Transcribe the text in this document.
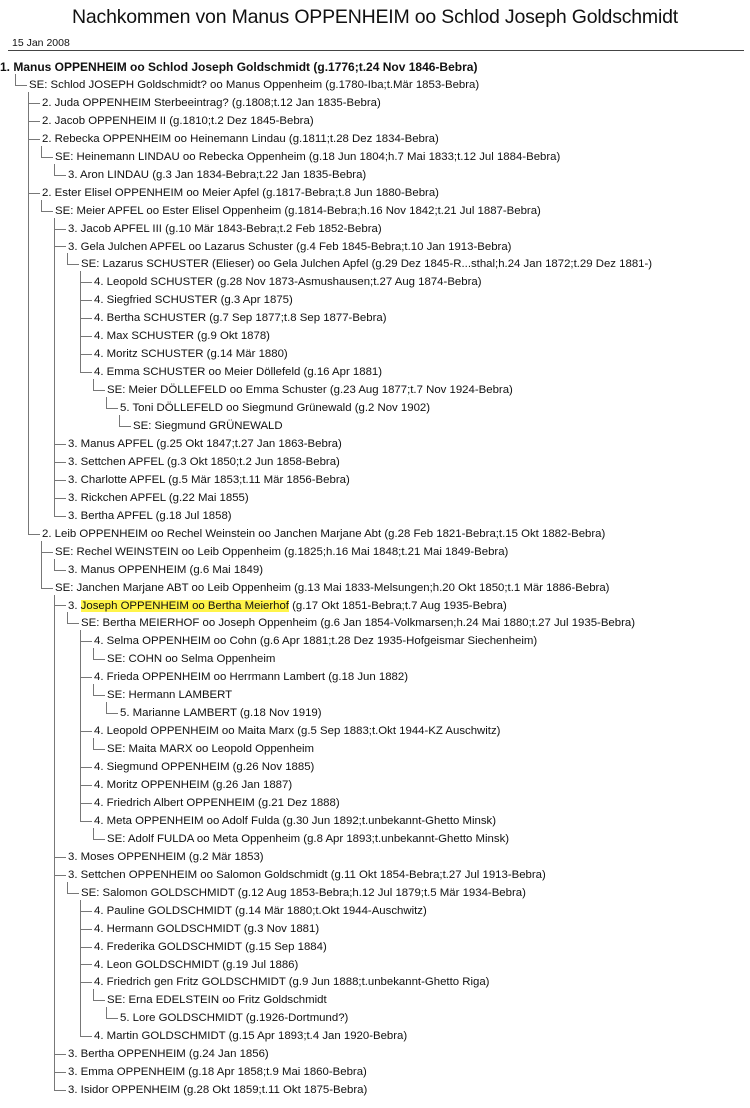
Nachkommen von Manus OPPENHEIM oo Schlod Joseph Goldschmidt
15 Jan 2008
1. Manus OPPENHEIM oo Schlod Joseph Goldschmidt (g.1776;t.24 Nov 1846-Bebra)
SE: Schlod JOSEPH Goldschmidt? oo Manus Oppenheim (g.1780-Iba;t.Mär 1853-Bebra)
2. Juda OPPENHEIM Sterbeeintrag? (g.1808;t.12 Jan 1835-Bebra)
2. Jacob OPPENHEIM II (g.1810;t.2 Dez 1845-Bebra)
2. Rebecka OPPENHEIM oo Heinemann Lindau (g.1811;t.28 Dez 1834-Bebra)
SE: Heinemann LINDAU oo Rebecka Oppenheim (g.18 Jun 1804;h.7 Mai 1833;t.12 Jul 1884-Bebra)
3. Aron LINDAU (g.3 Jan 1834-Bebra;t.22 Jan 1835-Bebra)
2. Ester Elisel OPPENHEIM oo Meier Apfel (g.1817-Bebra;t.8 Jun 1880-Bebra)
SE: Meier APFEL oo Ester Elisel Oppenheim (g.1814-Bebra;h.16 Nov 1842;t.21 Jul 1887-Bebra)
3. Jacob APFEL III (g.10 Mär 1843-Bebra;t.2 Feb 1852-Bebra)
3. Gela Julchen APFEL oo Lazarus Schuster (g.4 Feb 1845-Bebra;t.10 Jan 1913-Bebra)
SE: Lazarus SCHUSTER (Elieser) oo Gela Julchen Apfel (g.29 Dez 1845-R...sthal;h.24 Jan 1872;t.29 Dez 1881-)
4. Leopold SCHUSTER (g.28 Nov 1873-Asmushausen;t.27 Aug 1874-Bebra)
4. Siegfried SCHUSTER (g.3 Apr 1875)
4. Bertha SCHUSTER (g.7 Sep 1877;t.8 Sep 1877-Bebra)
4. Max SCHUSTER (g.9 Okt 1878)
4. Moritz SCHUSTER (g.14 Mär 1880)
4. Emma SCHUSTER oo Meier Döllefeld (g.16 Apr 1881)
SE: Meier DÖLLEFELD oo Emma Schuster (g.23 Aug 1877;t.7 Nov 1924-Bebra)
5. Toni DÖLLEFELD oo Siegmund Grünewald (g.2 Nov 1902)
SE: Siegmund GRÜNEWALD
3. Manus APFEL (g.25 Okt 1847;t.27 Jan 1863-Bebra)
3. Settchen APFEL (g.3 Okt 1850;t.2 Jun 1858-Bebra)
3. Charlotte APFEL (g.5 Mär 1853;t.11 Mär 1856-Bebra)
3. Rickchen APFEL (g.22 Mai 1855)
3. Bertha APFEL (g.18 Jul 1858)
2. Leib OPPENHEIM oo Rechel Weinstein oo Janchen Marjane Abt (g.28 Feb 1821-Bebra;t.15 Okt 1882-Bebra)
SE: Rechel WEINSTEIN oo Leib Oppenheim (g.1825;h.16 Mai 1848;t.21 Mai 1849-Bebra)
3. Manus OPPENHEIM (g.6 Mai 1849)
SE: Janchen Marjane ABT oo Leib Oppenheim (g.13 Mai 1833-Melsungen;h.20 Okt 1850;t.1 Mär 1886-Bebra)
3. Joseph OPPENHEIM oo Bertha Meierhof (g.17 Okt 1851-Bebra;t.7 Aug 1935-Bebra)
SE: Bertha MEIERHOF oo Joseph Oppenheim (g.6 Jan 1854-Volkmarsen;h.24 Mai 1880;t.27 Jul 1935-Bebra)
4. Selma OPPENHEIM oo Cohn (g.6 Apr 1881;t.28 Dez 1935-Hofgeismar Siechenheim)
SE: COHN oo Selma Oppenheim
4. Frieda OPPENHEIM oo Herrmann Lambert (g.18 Jun 1882)
SE: Hermann LAMBERT
5. Marianne LAMBERT (g.18 Nov 1919)
4. Leopold OPPENHEIM oo Maita Marx (g.5 Sep 1883;t.Okt 1944-KZ Auschwitz)
SE: Maita MARX oo Leopold Oppenheim
4. Siegmund OPPENHEIM (g.26 Nov 1885)
4. Moritz OPPENHEIM (g.26 Jan 1887)
4. Friedrich Albert OPPENHEIM (g.21 Dez 1888)
4. Meta OPPENHEIM oo Adolf Fulda (g.30 Jun 1892;t.unbekannt-Ghetto Minsk)
SE: Adolf FULDA oo Meta Oppenheim (g.8 Apr 1893;t.unbekannt-Ghetto Minsk)
3. Moses OPPENHEIM (g.2 Mär 1853)
3. Settchen OPPENHEIM oo Salomon Goldschmidt (g.11 Okt 1854-Bebra;t.27 Jul 1913-Bebra)
SE: Salomon GOLDSCHMIDT (g.12 Aug 1853-Bebra;h.12 Jul 1879;t.5 Mär 1934-Bebra)
4. Pauline GOLDSCHMIDT (g.14 Mär 1880;t.Okt 1944-Auschwitz)
4. Hermann GOLDSCHMIDT (g.3 Nov 1881)
4. Frederika GOLDSCHMIDT (g.15 Sep 1884)
4. Leon GOLDSCHMIDT (g.19 Jul 1886)
4. Friedrich gen Fritz GOLDSCHMIDT (g.9 Jun 1888;t.unbekannt-Ghetto Riga)
SE: Erna EDELSTEIN oo Fritz Goldschmidt
5. Lore GOLDSCHMIDT (g.1926-Dortmund?)
4. Martin GOLDSCHMIDT (g.15 Apr 1893;t.4 Jan 1920-Bebra)
3. Bertha OPPENHEIM (g.24 Jan 1856)
3. Emma OPPENHEIM (g.18 Apr 1858;t.9 Mai 1860-Bebra)
3. Isidor OPPENHEIM (g.28 Okt 1859;t.11 Okt 1875-Bebra)
